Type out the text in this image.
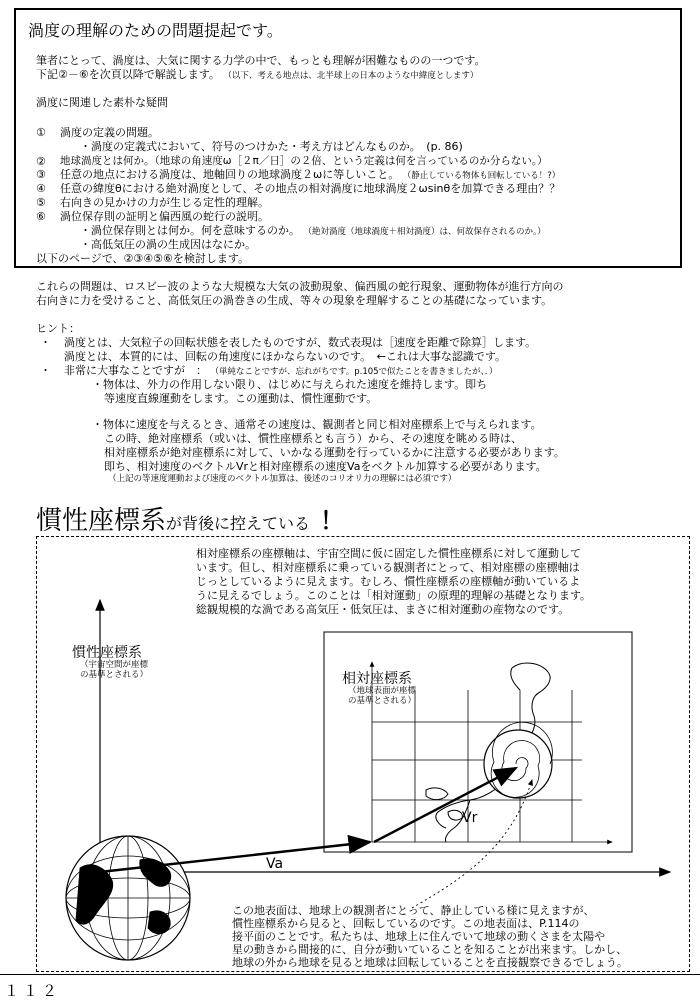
渦度の理解のための問題提起です。
筆者にとって、渦度は、大気に関する力学の中で、もっとも理解が困難なものの一つです。
下記②－⑥を次頁以降で解説します。 （以下、考える地点は、北半球上の日本のような中緯度とします）
渦度に関連した素朴な疑問
① 渦度の定義の問題。
・渦度の定義式において、符号のつけかた・考え方はどんなものか。　(p. 86)
② 地球渦度とは何か。（地球の角速度ω［２π／日］の２倍、という定義は何を言っているのか分らない。）
③ 任意の地点における渦度は、地軸回りの地球渦度２ωに等しいこと。 （静止している物体も回転している！?）
④ 任意の緯度θにおける絶対渦度として、その地点の相対渦度に地球渦度２ωsinθを加算できる理由？？
⑤ 右向きの見かけの力が生じる定性的理解。
⑥ 渦位保存則の証明と偏西風の蛇行の説明。
・渦位保存則とは何か。何を意味するのか。 （絶対渦度（地球渦度＋相対渦度）は、何故保存されるのか。）
・高低気圧の渦の生成因はなにか。
以下のページで、②③④⑤⑥を検討します。
これらの問題は、ロスビー波のような大規模な大気の波動現象、偏西風の蛇行現象、運動物体が進行方向の
右向きに力を受けること、高低気圧の渦巻きの生成、等々の現象を理解することの基礎になっています。
ヒント：
・ 渦度とは、大気粒子の回転状態を表したものですが、数式表現は［速度を距離で除算］します。
渦度とは、本質的には、回転の角速度にほかならないのです。　←これは大事な認識です。
・ 非常に大事なことですが　： （単純なことですが、忘れがちです。p.105で似たことを書きましたが、．）
・物体は、外力の作用しない限り、はじめに与えられた速度を維持します。即ち
等速度直線運動をします。この運動は、慣性運動です。
・物体に速度を与えるとき、通常その速度は、観測者と同じ相対座標系上で与えられます。
この時、絶対座標系（或いは、慣性座標系とも言う）から、その速度を眺める時は、
相対座標系が絶対座標系に対して、いかなる運動を行っているかに注意する必要があります。
即ち、相対速度のベクトルVrと相対座標系の速度Vaをベクトル加算する必要があります。
（上記の等速度運動および速度のベクトル加算は、後述のコリオリ力の理解には必須です）
慣性座標系が背後に控えている ！
相対座標系の座標軸は、宇宙空間に仮に固定した慣性座標系に対して運動して
います。但し、相対座標系に乗っている観測者にとって、相対座標の座標軸は
じっとしているように見えます。むしろ、慣性座標系の座標軸が動いているよ
うに見えるでしょう。このことは「相対運動」の原理的理解の基礎となります。
総観規模的な渦である高気圧・低気圧は、まさに相対運動の産物なのです。
慣性座標系
（宇宙空間が座標
の基準とされる）	相対座標系
（地球表面が座標
の基準とされる）
Va
Vr
この地表面は、地球上の観測者にとって、静止している様に見えますが、
慣性座標系から見ると、回転しているのです。この地表面は、P.114の
接平面のことです。私たちは、地球上に住んでいて地球の動くさまを太陽や
星の動きから間接的に、自分が動いていることを知ることが出来ます。しかし、
地球の外から地球を見ると地球は回転していることを直接観察できるでしょう。
１１２
